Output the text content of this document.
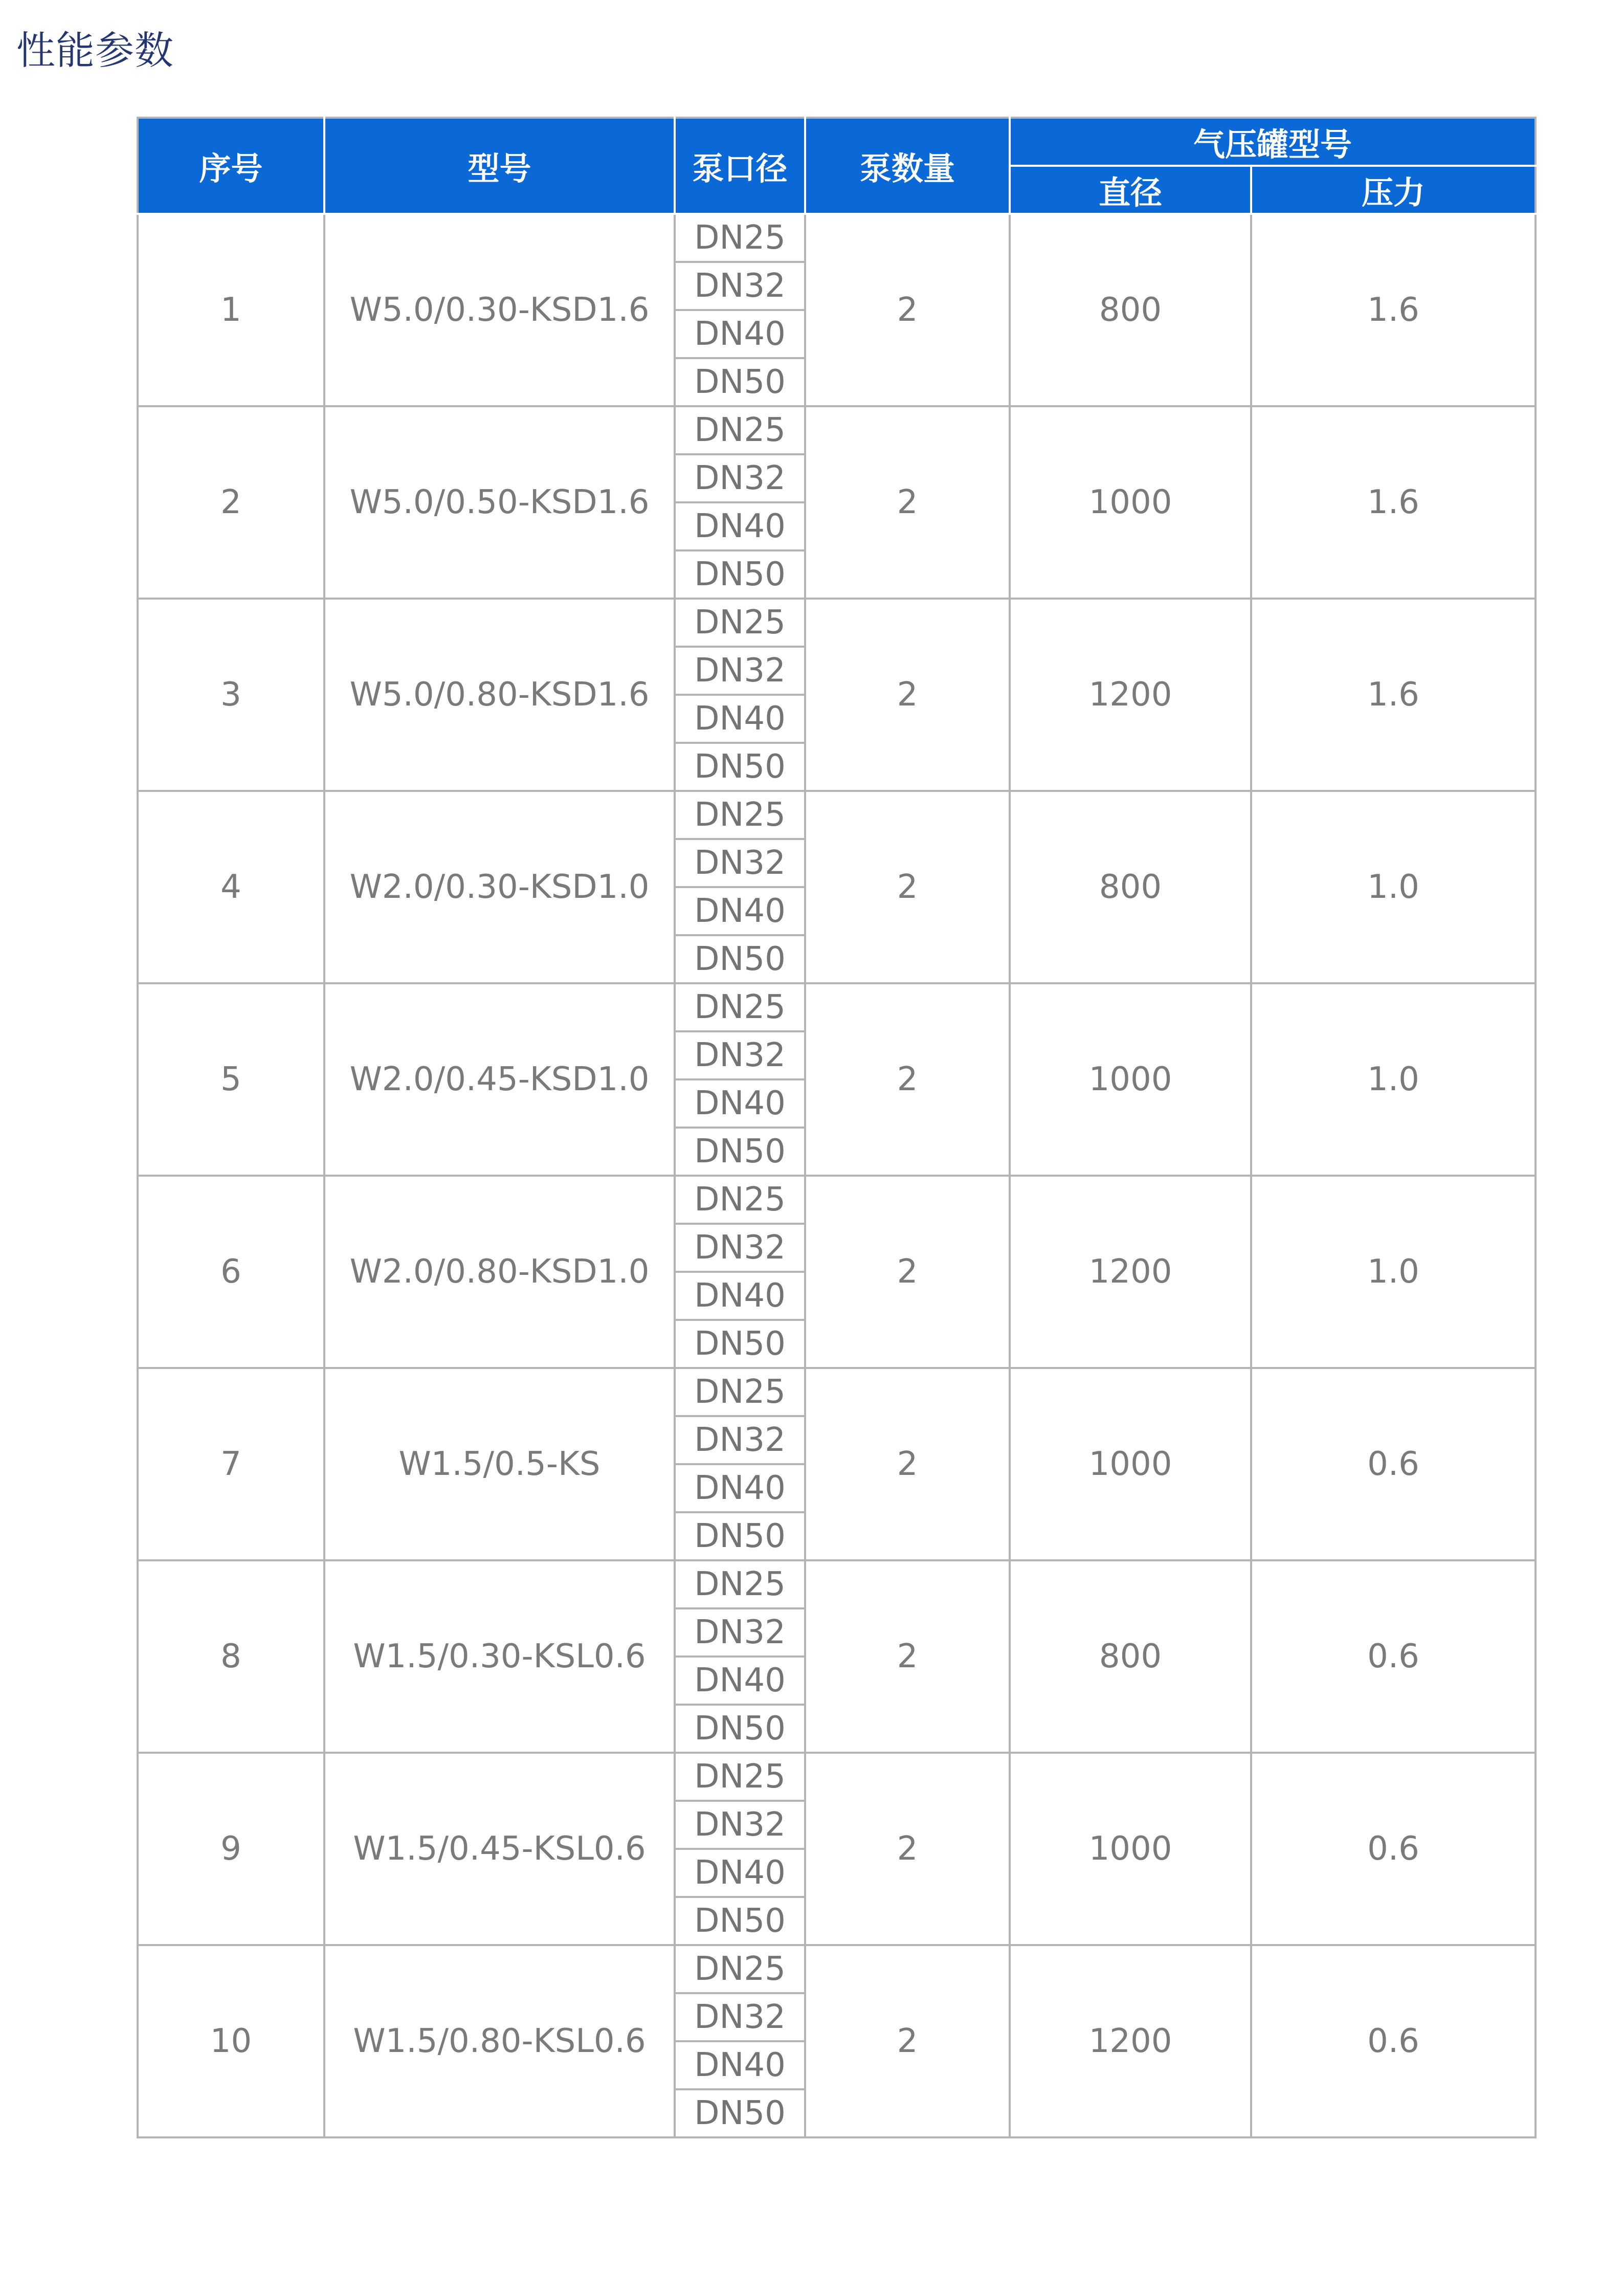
性能参数
序号	型号	泵口径	泵数量	气压罐型号	
				直径	压力
1	W5.0/0.30-KSD1.6	DN25	2	800	1.6
		DN32			
		DN40			
		DN50			
2	W5.0/0.50-KSD1.6	DN25	2	1000	1.6
		DN32			
		DN40			
		DN50			
3	W5.0/0.80-KSD1.6	DN25	2	1200	1.6
		DN32			
		DN40			
		DN50			
4	W2.0/0.30-KSD1.0	DN25	2	800	1.0
		DN32			
		DN40			
		DN50			
5	W2.0/0.45-KSD1.0	DN25	2	1000	1.0
		DN32			
		DN40			
		DN50			
6	W2.0/0.80-KSD1.0	DN25	2	1200	1.0
		DN32			
		DN40			
		DN50			
7	W1.5/0.5-KS	DN25	2	1000	0.6
		DN32			
		DN40			
		DN50			
8	W1.5/0.30-KSL0.6	DN25	2	800	0.6
		DN32			
		DN40			
		DN50			
9	W1.5/0.45-KSL0.6	DN25	2	1000	0.6
		DN32			
		DN40			
		DN50			
10	W1.5/0.80-KSL0.6	DN25	2	1200	0.6
		DN32			
		DN40			
		DN50			
